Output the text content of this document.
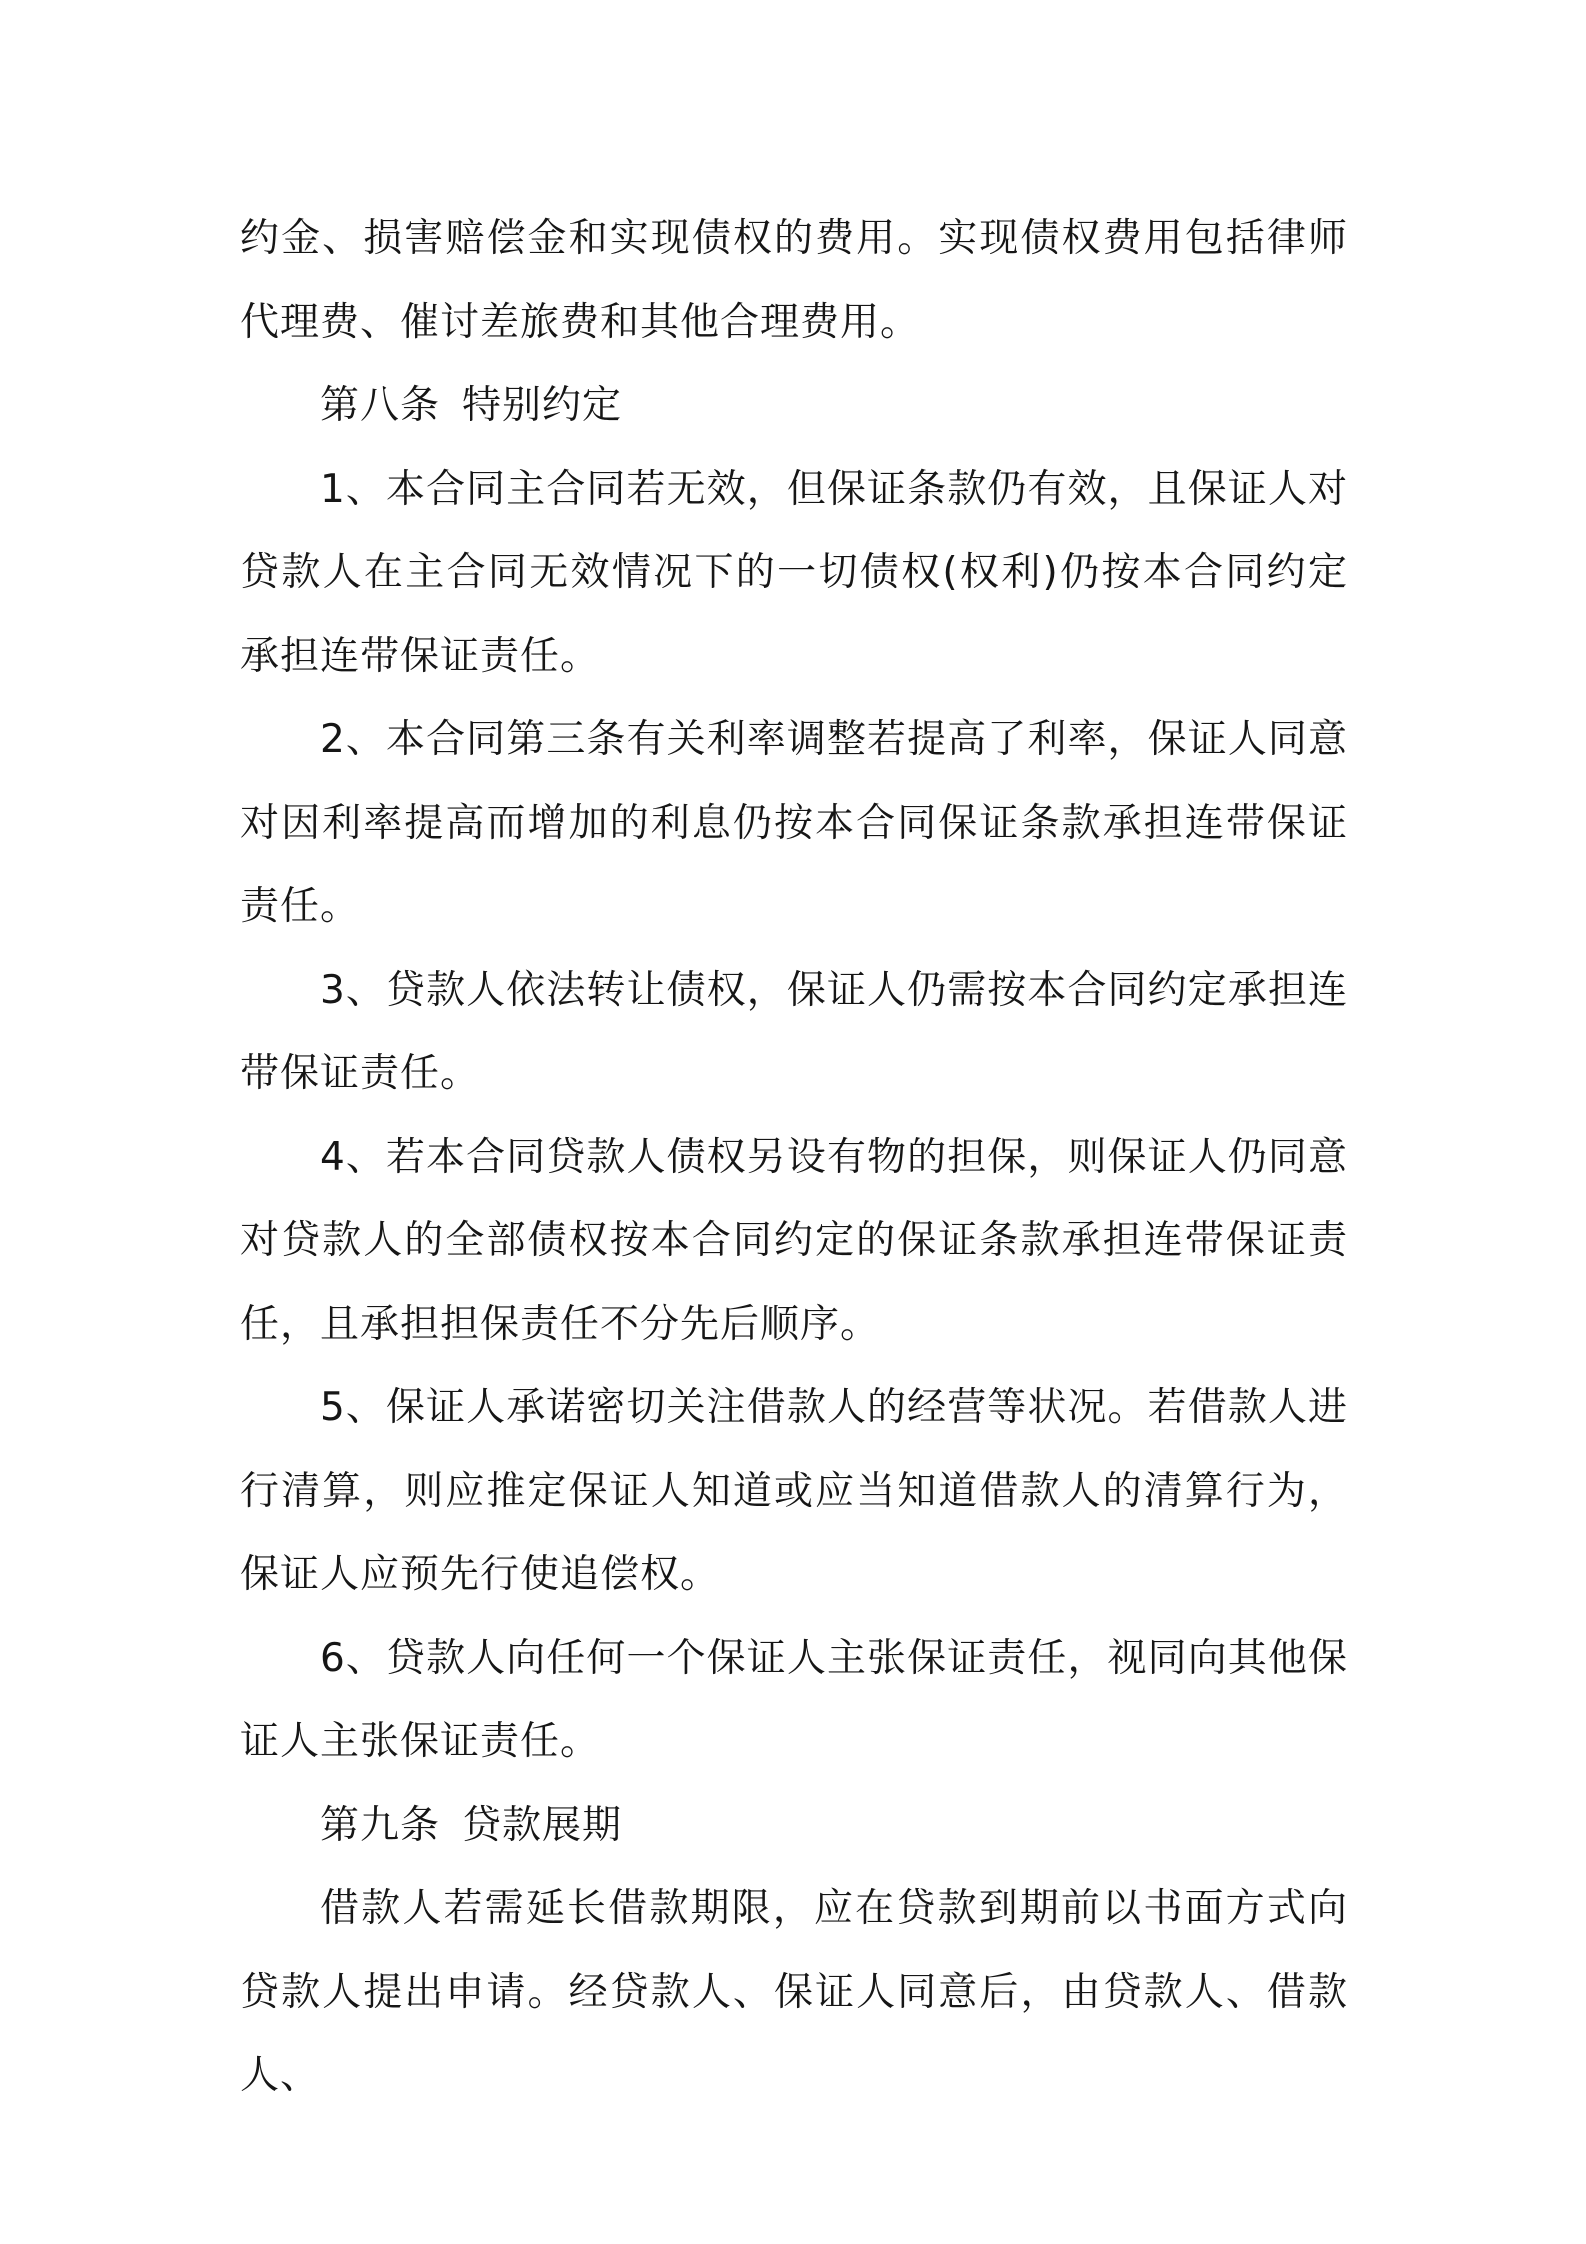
约金、损害赔偿金和实现债权的费用。实现债权费用包括律师代理费、催讨差旅费和其他合理费用。

第八条 特别约定

1、本合同主合同若无效，但保证条款仍有效，且保证人对贷款人在主合同无效情况下的一切债权(权利)仍按本合同约定承担连带保证责任。

2、本合同第三条有关利率调整若提高了利率，保证人同意对因利率提高而增加的利息仍按本合同保证条款承担连带保证责任。

3、贷款人依法转让债权，保证人仍需按本合同约定承担连带保证责任。

4、若本合同贷款人债权另设有物的担保，则保证人仍同意对贷款人的全部债权按本合同约定的保证条款承担连带保证责任，且承担担保责任不分先后顺序。

5、保证人承诺密切关注借款人的经营等状况。若借款人进行清算，则应推定保证人知道或应当知道借款人的清算行为，保证人应预先行使追偿权。

6、贷款人向任何一个保证人主张保证责任，视同向其他保证人主张保证责任。

第九条 贷款展期

借款人若需延长借款期限，应在贷款到期前以书面方式向贷款人提出申请。经贷款人、保证人同意后，由贷款人、借款人、
